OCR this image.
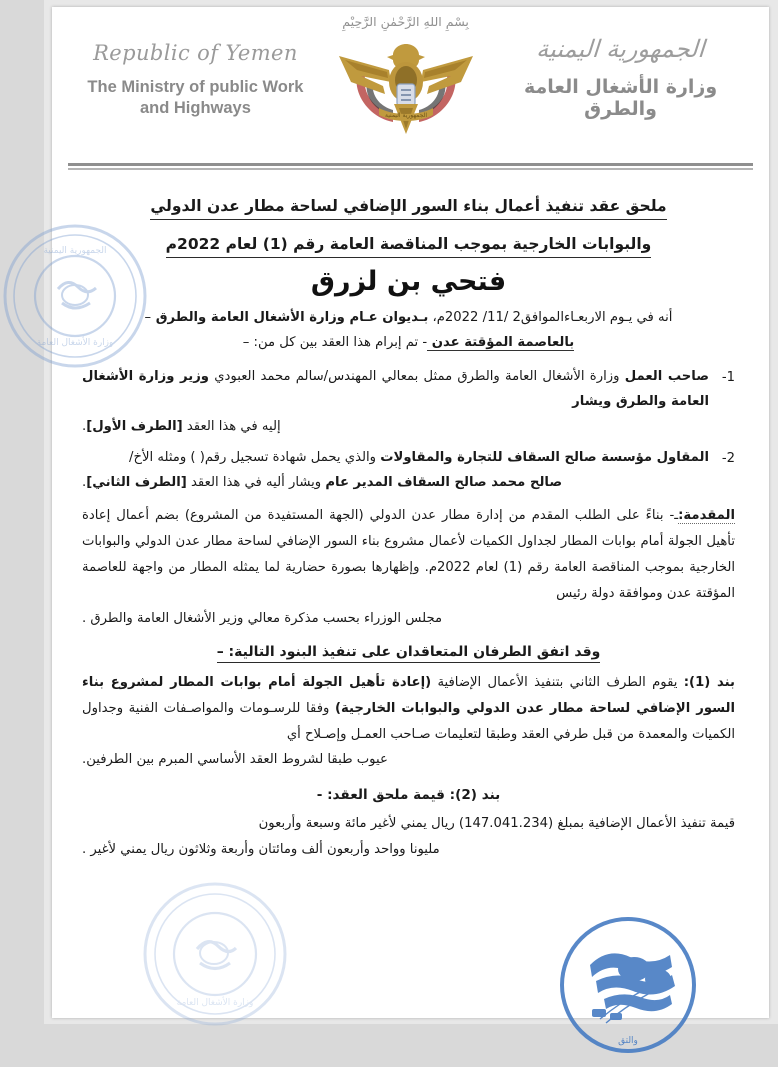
Republic of Yemen
The Ministry of public Work
and Highways
بِسْمِ اللهِ الرَّحْمٰنِ الرَّحِيْمِ
الجمهورية اليمنية
الجمهورية اليمنية
وزارة الأشغال العامة والطرق
وزارة الأشغال العامة
الجمهورية اليمنية
وزارة الأشغال العامة
والتق
ملحق عقد تنفيذ أعمال بناء السور الإضافي لساحة مطار عدن الدولي
والبوابات الخارجية بموجب المناقصة العامة رقم (1) لعام 2022م
فتحي بن لزرق
أنه في يـوم الاربعـاءالموافق2 /11/ 2022م، بـديوان عـام وزارة الأشغال العامة والطرق –
بالعاصمة المؤقتة عدن - تم إبرام هذا العقد بين كل من: –
1-
صاحب العمل وزارة الأشغال العامة والطرق ممثل بمعالي المهندس/سالم محمد العبودي وزير وزارة الأشغال العامة والطرق ويشار
إليه في هذا العقد [الطرف الأول].
2-
المقاول مؤسسة صالح السقاف للتجارة والمقاولات والذي يحمل شهادة تسجيل رقم( ) ومثله الأخ/
صالح محمد صالح السقاف المدير عام ويشار أليه في هذا العقد [الطرف الثاني].
المقدمة:ـ- بناءً على الطلب المقدم من إدارة مطار عدن الدولي (الجهة المستفيدة من المشروع) بضم أعمال إعادة تأهيل الجولة أمام بوابات المطار لجداول الكميات لأعمال مشروع بناء السور الإضافي لساحة مطار عدن الدولي والبوابات الخارجية بموجب المناقصة العامة رقم (1) لعام 2022م. وإظهارها بصورة حضارية لما يمثله المطار من واجهة للعاصمة المؤقتة عدن وموافقة دولة رئيس
مجلس الوزراء بحسب مذكرة معالي وزير الأشغال العامة والطرق .
وقد اتفق الطرفان المتعاقدان على تنفيذ البنود التالية: –
بند (1): يقوم الطرف الثاني بتنفيذ الأعمال الإضافية (إعادة تأهيل الجولة أمام بوابات المطار لمشروع بناء السور الإضافي لساحة مطار عدن الدولي والبوابات الخارجية) وفقا للرسـومات والمواصـفات الفنية وجداول الكميات والمعمدة من قبل طرفي العقد وطبقا لتعليمات صـاحب العمـل وإصـلاح أي
عيوب طبقا لشروط العقد الأساسي المبرم بين الطرفين.
بند (2): قيمة ملحق العقد: -
قيمة تنفيذ الأعمال الإضافية بمبلغ (147.041.234) ريال يمني لأغير مائة وسبعة وأربعون
مليونا وواحد وأربعون ألف ومائتان وأربعة وثلاثون ريال يمني لأغير .
